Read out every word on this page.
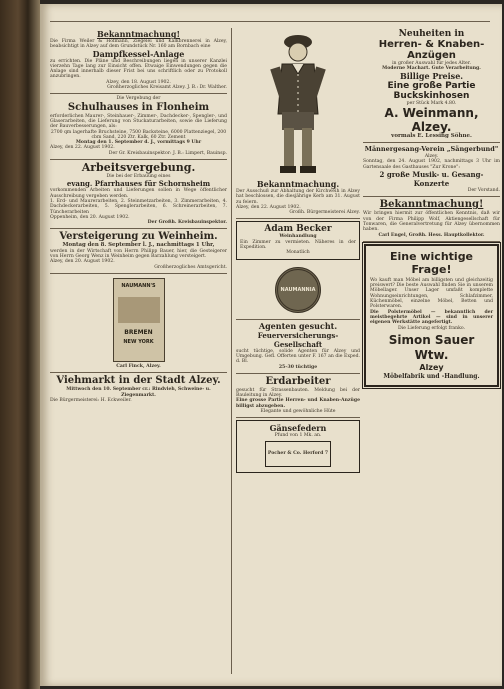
Bekanntmachung!
Die Firma Weiler & Hofmann, Ziegelei und Kalkbrennerei in Alzey, beabsichtigt in Alzey auf dem Grundstück Nr. 160 am Bornbach eine
Dampfkessel-Anlage
zu errichten. Die Pläne und Beschreibungen liegen in unserer Kanzlei vierzehn Tage lang zur Einsicht offen. Etwaige Einwendungen gegen die Anlage sind innerhalb dieser Frist bei uns schriftlich oder zu Protokoll anzubringen.
Alzey, den 18. August 1902.
Großherzogliches Kreisamt Alzey. J. B.: Dr. Walther.
Die Vergebung der
Schulhauses in Flonheim
erforderlichen Maurer-, Steinhauer-, Zimmer-, Dachdecker-, Spengler-, und Glaserarbeiten, die Lieferung von Stuckaturarbeiten, sowie die Lieferung der Bauverbesserungen, als:
2700 qm lagerhafte Bruchsteine, 7500 Backsteine, 6000 Plattenziegel, 200 cbm Sand, 220 Ztr. Kalk, 60 Ztr. Zement
Montag den 1. September d. J., vormittags 9 Uhr
Alzey, den 22. August 1902.
Der Gr. Kreisbauinspektor: J. B.: Limpert, Bauinsp.
Arbeitsvergebung.
Die bei der Erbauung eines
evang. Pfarrhauses für Schornsheim
vorkommenden Arbeiten und Lieferungen sollen in Wege öffentlicher Ausschreibung vergeben werden.
1. Erd- und Maurerarbeiten, 2. Steinmetzarbeiten, 3. Zimmerarbeiten, 4. Dachdeckerarbeiten, 5. Spenglerarbeiten, 6. Schreinerarbeiten, 7. Tüncherarbeiten
Oppenheim, den 20. August 1902.
Der Großh. Kreisbauinspektor.
Versteigerung zu Weinheim.
Montag den 8. September l. J., nachmittags 1 Uhr,
werden in der Wirtschaft von Herrn Philipp Bauer, hier, die Gesteigerer von Herrn Georg Wenz in Weinheim gegen Barzahlung versteigert.
Alzey, den 20. August 1902.
Großherzogliches Amtsgericht.
NAUMANN'S
BREMEN
NEW YORK
Carl Finck, Alzey.
Viehmarkt in der Stadt Alzey.
Mittwoch den 10. September cr.: Rindvieh, Schweine- u. Ziegenmarkt.
Die Bürgermeisterei: H. Eckweiler.
Bekanntmachung.
Der Ausschuß zur Abhaltung der Kirchweih in Alzey hat beschlossen, die diesjährige Kerb am 31. August zu feiern.
Alzey, den 22. August 1902.
Großh. Bürgermeisterei Alzey.
Adam Becker
Weinhandlung
Ein Zimmer zu vermieten. Näheres in der Expedition.
Monatlich
NAUMANNIA
Agenten gesucht.
Feuerversicherungs-Gesellschaft
sucht tüchtige, solide Agenten für Alzey und Umgebung. Gefl. Offerten unter F. 167 an die Exped. d. Bl.
25–30 tüchtige
Erdarbeiter
gesucht für Strassenbauten. Meldung bei der Bauleitung in Alzey.
Eine grosse Partie Herren- und Knaben-Anzüge billigst abzugeben.
Elegante und gewöhnliche Hüte
Gänsefedern
Pfund von 1 Mk. an.
Pocher & Co. Herford 7
Neuheiten in
Herren- & Knaben-Anzügen
in großer Auswahl für jedes Alter.
Moderne Machart. Gute Verarbeitung.
Billige Preise.
Eine große Partie Buckskinhosen
per Stück Mark 4.80.
A. Weinmann, Alzey.
vormals E. Lessing Söhne.
Männergesang-Verein „Sängerbund"
Alzey.
Sonntag, den 24. August 1902, nachmittags 3 Uhr im Gartensaale des Gasthauses "Zur Krone":
2 große Musik- u. Gesang-Konzerte
Der Vorstand.
Bekanntmachung!
Wir bringen hiermit zur öffentlichen Kenntnis, daß wir von der Firma Philipp Wolf, Aktiengesellschaft für Tonwaren, die Generalvertretung für Alzey übernommen haben.
Carl Engel, Großh. Hess. Hauptkollektor.
Eine wichtige Frage!
Wo kauft man Möbel am billigsten und gleichzeitig preiswert? Die beste Auswahl finden Sie in unserem Möbellager. Unser Lager umfaßt komplette Wohnungseinrichtungen, Schlafzimmer, Küchenmöbel, einzelne Möbel, Betten und Polsterwaren.
Die Polstermöbel — bekanntlich der meistbegehrte Artikel — sind in unserer eigenen Werkstätte angefertigt.
Die Lieferung erfolgt franko.
Simon Sauer Wtw.
Alzey
Möbelfabrik und -Handlung.
